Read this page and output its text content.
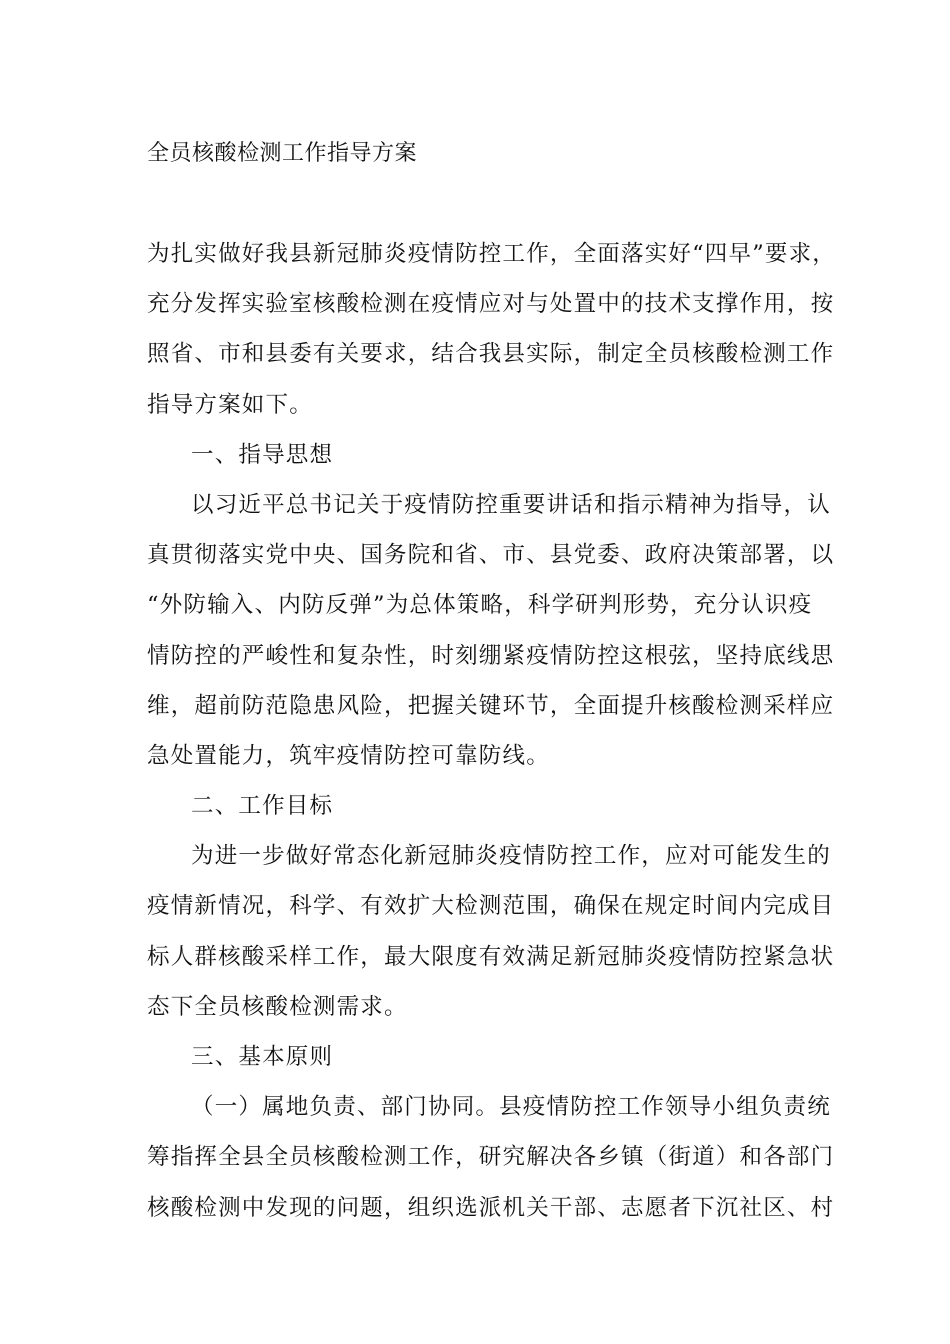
全员核酸检测工作指导方案
为扎实做好我县新冠肺炎疫情防控工作，全面落实好“四早”要求，
充分发挥实验室核酸检测在疫情应对与处置中的技术支撑作用，按
照省、市和县委有关要求，结合我县实际，制定全员核酸检测工作
指导方案如下。
一、指导思想
以习近平总书记关于疫情防控重要讲话和指示精神为指导，认
真贯彻落实党中央、国务院和省、市、县党委、政府决策部署，以
“外防输入、内防反弹”为总体策略，科学研判形势，充分认识疫
情防控的严峻性和复杂性，时刻绷紧疫情防控这根弦，坚持底线思
维，超前防范隐患风险，把握关键环节，全面提升核酸检测采样应
急处置能力，筑牢疫情防控可靠防线。
二、工作目标
为进一步做好常态化新冠肺炎疫情防控工作，应对可能发生的
疫情新情况，科学、有效扩大检测范围，确保在规定时间内完成目
标人群核酸采样工作，最大限度有效满足新冠肺炎疫情防控紧急状
态下全员核酸检测需求。
三、基本原则
（一）属地负责、部门协同。县疫情防控工作领导小组负责统
筹指挥全县全员核酸检测工作，研究解决各乡镇（街道）和各部门
核酸检测中发现的问题，组织选派机关干部、志愿者下沉社区、村
